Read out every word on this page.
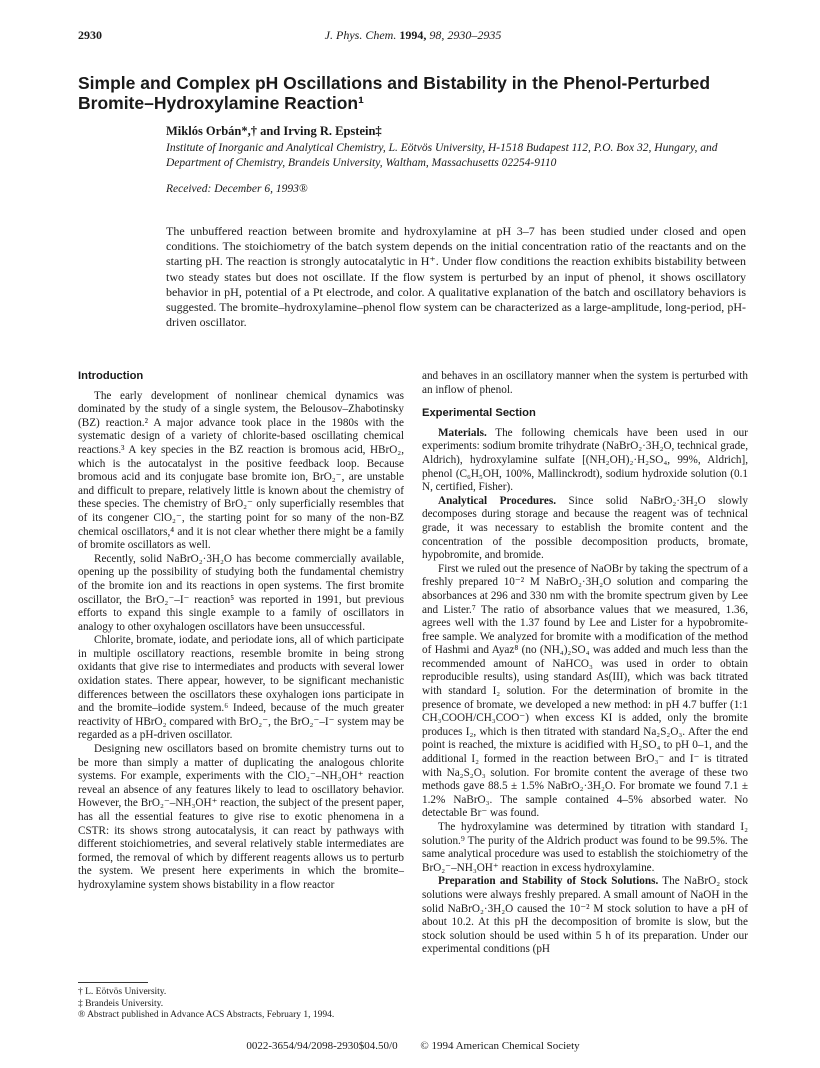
2930	J. Phys. Chem. 1994, 98, 2930–2935
Simple and Complex pH Oscillations and Bistability in the Phenol-Perturbed Bromite–Hydroxylamine Reaction¹
Miklós Orbán*,† and Irving R. Epstein‡

Institute of Inorganic and Analytical Chemistry, L. Eötvös University, H-1518 Budapest 112, P.O. Box 32, Hungary, and Department of Chemistry, Brandeis University, Waltham, Massachusetts 02254-9110

Received: December 6, 1993®

The unbuffered reaction between bromite and hydroxylamine at pH 3–7 has been studied under closed and open conditions. The stoichiometry of the batch system depends on the initial concentration ratio of the reactants and on the starting pH. The reaction is strongly autocatalytic in H⁺. Under flow conditions the reaction exhibits bistability between two steady states but does not oscillate. If the flow system is perturbed by an input of phenol, it shows oscillatory behavior in pH, potential of a Pt electrode, and color. A qualitative explanation of the batch and oscillatory behaviors is suggested. The bromite–hydroxylamine–phenol flow system can be characterized as a large-amplitude, long-period, pH-driven oscillator.

Introduction

The early development of nonlinear chemical dynamics was dominated by the study of a single system, the Belousov–Zhabotinsky (BZ) reaction.² A major advance took place in the 1980s with the systematic design of a variety of chlorite-based oscillating chemical reactions.³ A key species in the BZ reaction is bromous acid, HBrO₂, which is the autocatalyst in the positive feedback loop. Because bromous acid and its conjugate base bromite ion, BrO₂⁻, are unstable and difficult to prepare, relatively little is known about the chemistry of these species. The chemistry of BrO₂⁻ only superficially resembles that of its congener ClO₂⁻, the starting point for so many of the non-BZ chemical oscillators,⁴ and it is not clear whether there might be a family of bromite oscillators as well.

Recently, solid NaBrO₂·3H₂O has become commercially available, opening up the possibility of studying both the fundamental chemistry of the bromite ion and its reactions in open systems. The first bromite oscillator, the BrO₂⁻–I⁻ reaction⁵ was reported in 1991, but previous efforts to expand this single example to a family of oscillators in analogy to other oxyhalogen oscillators have been unsuccessful.

Chlorite, bromate, iodate, and periodate ions, all of which participate in multiple oscillatory reactions, resemble bromite in being strong oxidants that give rise to intermediates and products with several lower oxidation states. There appear, however, to be significant mechanistic differences between the oscillators these oxyhalogen ions participate in and the bromite–iodide system.⁶ Indeed, because of the much greater reactivity of HBrO₂ compared with BrO₂⁻, the BrO₂⁻–I⁻ system may be regarded as a pH-driven oscillator.

Designing new oscillators based on bromite chemistry turns out to be more than simply a matter of duplicating the analogous chlorite systems. For example, experiments with the ClO₂⁻–NH₃OH⁺ reaction reveal an absence of any features likely to lead to oscillatory behavior. However, the BrO₂⁻–NH₃OH⁺ reaction, the subject of the present paper, has all the essential features to give rise to exotic phenomena in a CSTR: its shows strong autocatalysis, it can react by pathways with different stoichiometries, and several relatively stable intermediates are formed, the removal of which by different reagents allows us to perturb the system. We present here experiments in which the bromite–hydroxylamine system shows bistability in a flow reactor

† L. Eötvös University.
‡ Brandeis University.
® Abstract published in Advance ACS Abstracts, February 1, 1994.

and behaves in an oscillatory manner when the system is perturbed with an inflow of phenol.

Experimental Section

Materials. The following chemicals have been used in our experiments: sodium bromite trihydrate (NaBrO₂·3H₂O, technical grade, Aldrich), hydroxylamine sulfate [(NH₂OH)₂·H₂SO₄, 99%, Aldrich], phenol (C₆H₅OH, 100%, Mallinckrodt), sodium hydroxide solution (0.1 N, certified, Fisher).

Analytical Procedures. Since solid NaBrO₂·3H₂O slowly decomposes during storage and because the reagent was of technical grade, it was necessary to establish the bromite content and the concentration of the possible decomposition products, bromate, hypobromite, and bromide.

First we ruled out the presence of NaOBr by taking the spectrum of a freshly prepared 10⁻² M NaBrO₂·3H₂O solution and comparing the absorbances at 296 and 330 nm with the bromite spectrum given by Lee and Lister.⁷ The ratio of absorbance values that we measured, 1.36, agrees well with the 1.37 found by Lee and Lister for a hypobromite-free sample. We analyzed for bromite with a modification of the method of Hashmi and Ayaz⁸ (no (NH₄)₂SO₄ was added and much less than the recommended amount of NaHCO₃ was used in order to obtain reproducible results), using standard As(III), which was back titrated with standard I₂ solution. For the determination of bromite in the presence of bromate, we developed a new method: in pH 4.7 buffer (1:1 CH₃COOH/CH₃COO⁻) when excess KI is added, only the bromite produces I₂, which is then titrated with standard Na₂S₂O₃. After the end point is reached, the mixture is acidified with H₂SO₄ to pH 0–1, and the additional I₂ formed in the reaction between BrO₃⁻ and I⁻ is titrated with Na₂S₂O₃ solution. For bromite content the average of these two methods gave 88.5 ± 1.5% NaBrO₂·3H₂O. For bromate we found 7.1 ± 1.2% NaBrO₃. The sample contained 4–5% absorbed water. No detectable Br⁻ was found.

The hydroxylamine was determined by titration with standard I₂ solution.⁹ The purity of the Aldrich product was found to be 99.5%. The same analytical procedure was used to establish the stoichiometry of the BrO₂⁻–NH₃OH⁺ reaction in excess hydroxylamine.

Preparation and Stability of Stock Solutions. The NaBrO₂ stock solutions were always freshly prepared. A small amount of NaOH in the solid NaBrO₂·3H₂O caused the 10⁻² M stock solution to have a pH of about 10.2. At this pH the decomposition of bromite is slow, but the stock solution should be used within 5 h of its preparation. Under our experimental conditions (pH

0022-3654/94/2098-2930$04.50/0 © 1994 American Chemical Society
